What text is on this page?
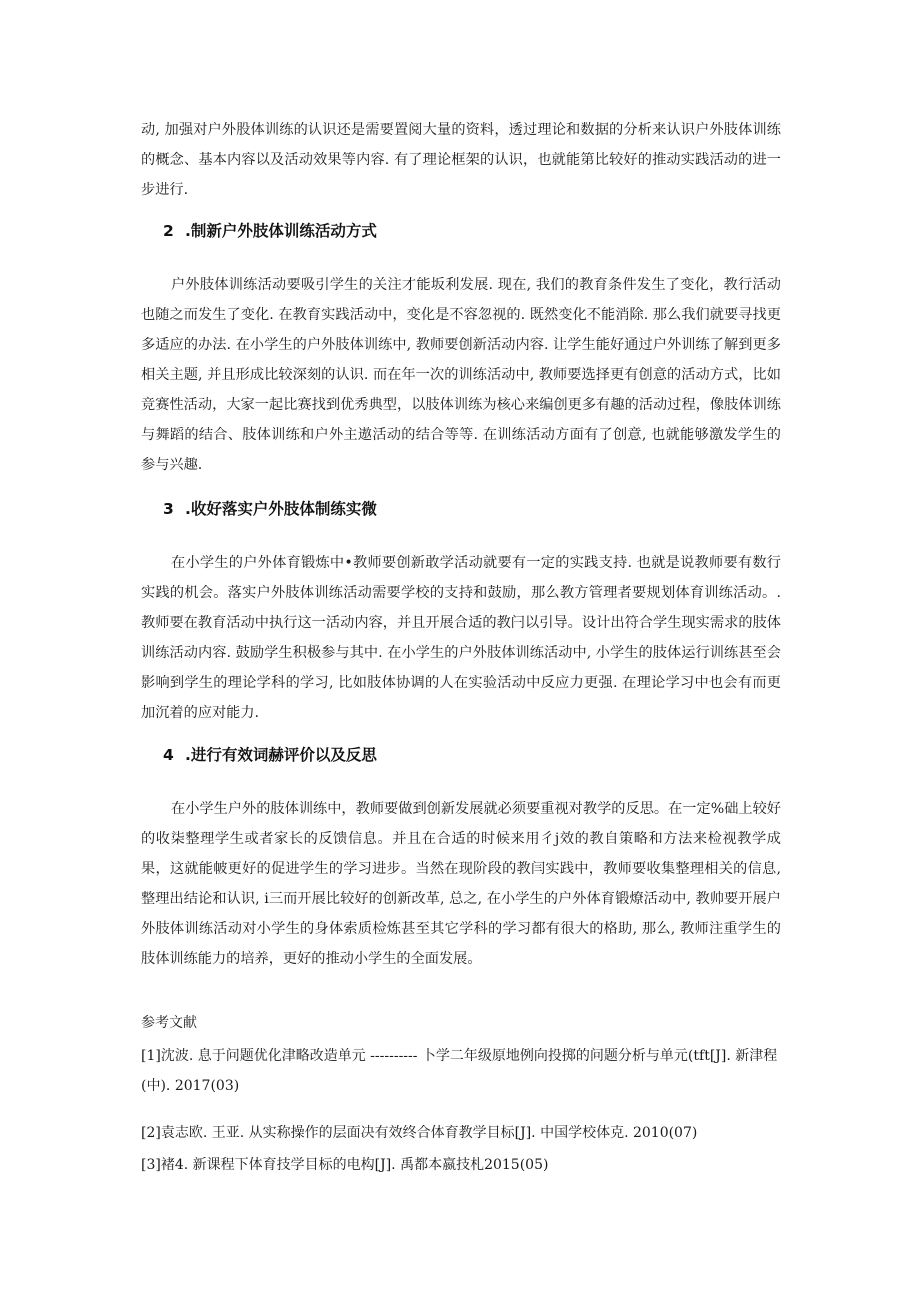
动, 加强对户外股体训练的认识还是需要置阅大量的资料，透过理论和数据的分析来认识户外肢体训练的概念、基本内容以及活动效果等内容. 有了理论框架的认识，也就能第比较好的推动实践活动的进一步进行.

2 .制新户外肢体训练活动方式

户外肢体训练活动要吸引学生的关注才能坂利发展. 现在, 我们的教育条件发生了变化，教行活动也随之而发生了变化. 在教育实践活动中，变化是不容忽视的. 既然变化不能消除. 那么我们就要寻找更多适应的办法. 在小学生的户外肢体训练中, 教师要创新活动内容. 让学生能好通过户外训练了解到更多相关主题, 并且形成比较深刻的认识. 而在年一次的训练活动中, 教师要选择更有创意的活动方式，比如竞赛性活动，大家一起比赛找到优秀典型，以肢体训练为核心来编创更多有趣的活动过程，像肢体训练与舞蹈的结合、肢体训练和户外主遨活动的结合等等. 在训练活动方面有了创意, 也就能够激发学生的参与兴趣.

3 .收好落实户外肢体制练实微

在小学生的户外体育锻炼中•教师要创新敢学活动就要有一定的实践支持. 也就是说教师要有数行实践的机会。落实户外肢体训练活动需要学校的支持和鼓励，那么教方管理者要规划体育训练活动。. 教师要在教育活动中执行这一活动内容，并且开展合适的教闩以引导。设计出符合学生现实需求的肢体训练活动内容. 鼓励学生积极参与其中. 在小学生的户外肢体训练活动中, 小学生的肢体运行训练甚至会影响到学生的理论学科的学习, 比如肢体协调的人在实验活动中反应力更强. 在理论学习中也会有而更加沉着的应对能力.

4 .进行有效词赫评价以及反思

在小学生户外的肢体训练中，教师要做到创新发展就必须要重视对教学的反思。在一定%础上较好的收柒整理学生或者家长的反馈信息。并且在合适的时候来用彳j效的教自策略和方法来检视教学成果，这就能帔更好的促进学生的学习进步。当然在现阶段的教闫实践中，教师要收集整理相关的信息, 整理出结论和认识, i三而开展比较好的创新改革, 总之, 在小学生的户外体育锻燎活动中, 教帅要开展户外肢体训练活动对小学生的身体索质检炼甚至其它学科的学习都有很大的格助, 那么, 教师注重学生的肢体训练能力的培养，更好的推动小学生的全面发展。

参考文献

[1]沈波. 息于问题优化津略改造单元 ---------- 卜学二年级原地例向投掷的问题分析与单元(tft[J]. 新津程(中). 2017(03)

[2]袁志欧. 王亚. 从实称操作的层面决有效终合体育教学目标[J]. 中国学校体克. 2010(07)

[3]褚4. 新课程下体育技学目标的电构[J]. 禹都本嬴技札2015(05)
